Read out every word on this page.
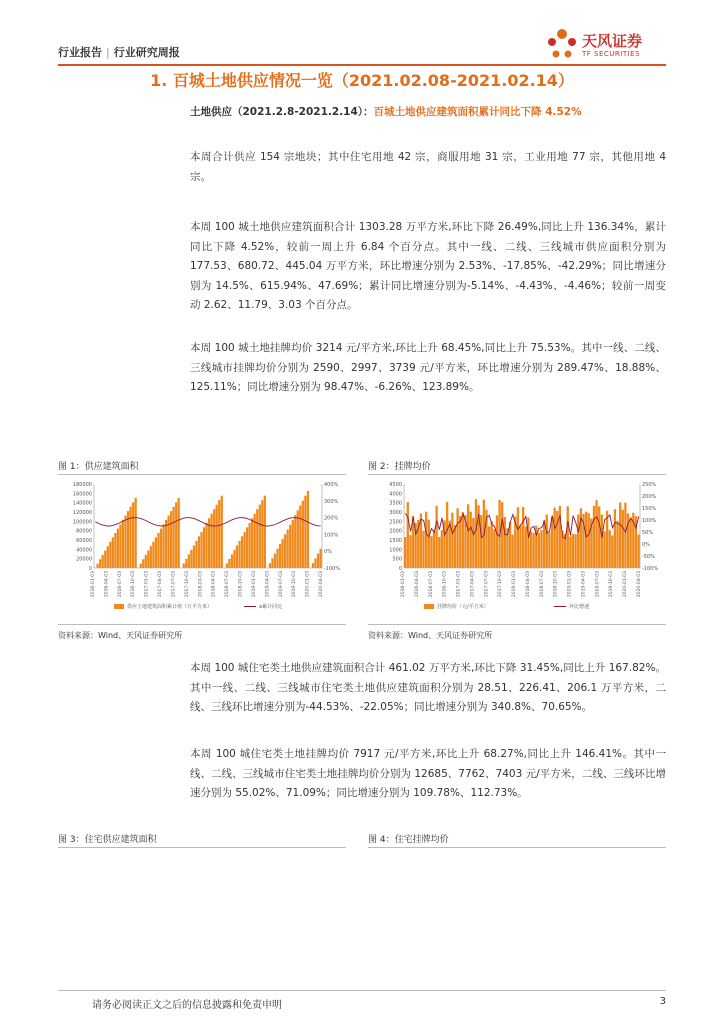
行业报告 | 行业研究周报
天风证券
TF SECURITIES
1. 百城土地供应情况一览（2021.02.08-2021.02.14）
土地供应（2021.2.8-2021.2.14）：百城土地供应建筑面积累计同比下降 4.52%
本周合计供应 154 宗地块；其中住宅用地 42 宗，商服用地 31 宗，工业用地 77 宗，其他用地 4 宗。
本周 100 城土地供应建筑面积合计 1303.28 万平方米,环比下降 26.49%,同比上升 136.34%，累计同比下降 4.52%，较前一周上升 6.84 个百分点。其中一线、二线、三线城市供应面积分别为 177.53、680.72、445.04 万平方米，环比增速分别为 2.53%、-17.85%、-42.29%；同比增速分别为 14.5%、615.94%、47.69%；累计同比增速分别为-5.14%、-4.43%、-4.46%；较前一周变动 2.62、11.79、3.03 个百分点。
本周 100 城土地挂牌均价 3214 元/平方米,环比上升 68.45%,同比上升 75.53%。其中一线、二线、三线城市挂牌均价分别为 2590、2997、3739 元/平方米，环比增速分别为 289.47%、18.88%、125.11%；同比增速分别为 98.47%、-6.26%、123.89%。
图 1：供应建筑面积
0
20000
40000
60000
80000
100000
120000
140000
160000
180000
-100%
0%
100%
200%
300%
400%
2016-01-03 2016-04-03 2016-07-03 2016-10-03 2017-01-03 2017-04-03 2017-07-03 2017-10-03 2018-01-03 2018-04-03 2018-07-03 2018-10-03 2019-01-03 2019-04-03 2019-07-03 2019-10-03 2020-01-03 2020-04-03
供应土地建筑面积累计值（万平方米）	a累计同比
资料来源：Wind、天风证券研究所
图 2：挂牌均价
0
500
1000
1500
2000
2500
3000
3500
4000
4500
-100%
-50%
0%
50%
100%
150%
200%
250%
2016-01-03 2016-04-03 2016-07-03 2016-10-03 2017-01-03 2017-04-03 2017-07-03 2017-10-03 2018-01-03 2018-04-03 2018-07-03 2018-10-03 2019-01-03 2019-04-03 2019-07-03 2019-10-03 2020-01-03 2020-04-03
挂牌均价（元/平方米）	环比增速
资料来源：Wind、天风证券研究所
本周 100 城住宅类土地供应建筑面积合计 461.02 万平方米,环比下降 31.45%,同比上升 167.82%。其中一线、二线、三线城市住宅类土地供应建筑面积分别为 28.51、226.41、206.1 万平方米，二线、三线环比增速分别为-44.53%、-22.05%；同比增速分别为 340.8%、70.65%。
本周 100 城住宅类土地挂牌均价 7917 元/平方米,环比上升 68.27%,同比上升 146.41%。其中一线、二线、三线城市住宅类土地挂牌均价分别为 12685、7762、7403 元/平方米，二线、三线环比增速分别为 55.02%、71.09%；同比增速分别为 109.78%、112.73%。
图 3：住宅供应建筑面积	图 4：住宅挂牌均价
请务必阅读正文之后的信息披露和免责申明	3
